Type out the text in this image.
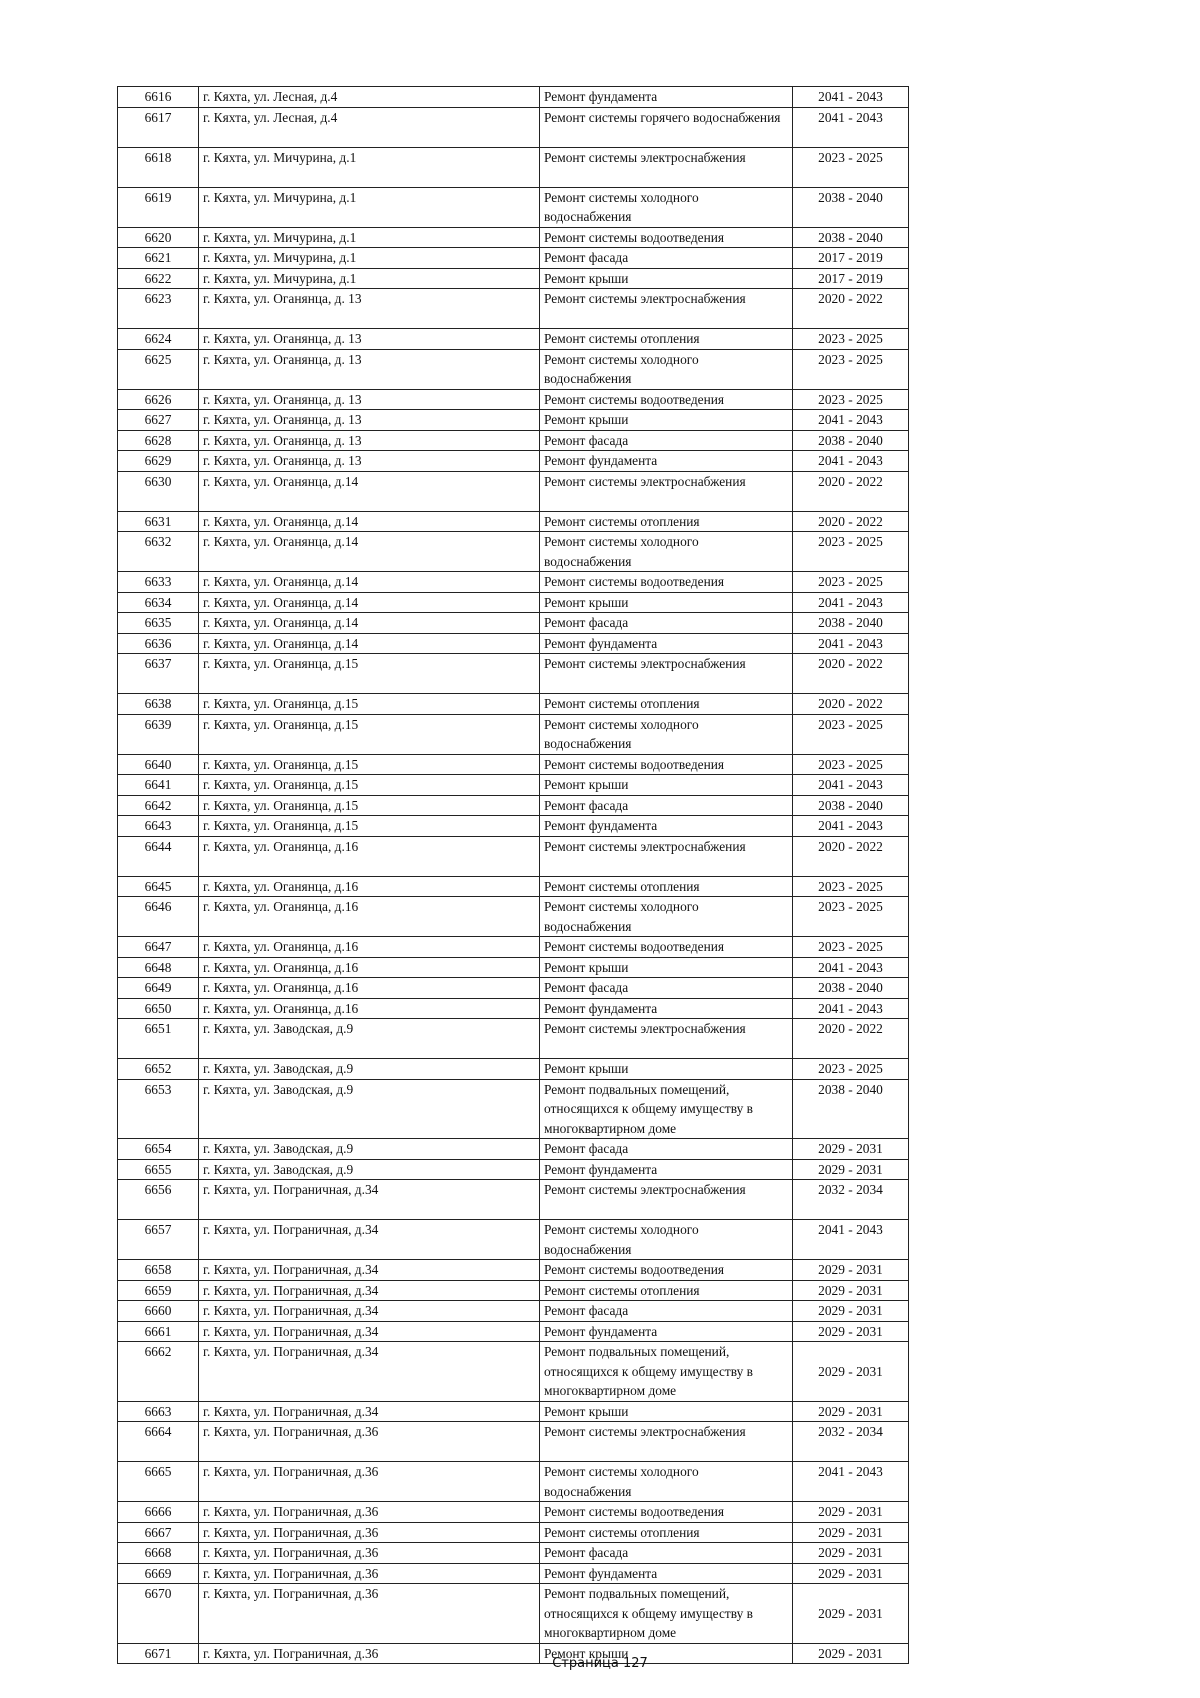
6616	г. Кяхта, ул. Лесная, д.4	Ремонт фундамента	2041 - 2043
6617	г. Кяхта, ул. Лесная, д.4	Ремонт системы горячего водоснабжения	2041 - 2043
6618	г. Кяхта, ул. Мичурина, д.1	Ремонт системы электроснабжения	2023 - 2025
6619	г. Кяхта, ул. Мичурина, д.1	Ремонт системы холодного водоснабжения	2038 - 2040
6620	г. Кяхта, ул. Мичурина, д.1	Ремонт системы водоотведения	2038 - 2040
6621	г. Кяхта, ул. Мичурина, д.1	Ремонт фасада	2017 - 2019
6622	г. Кяхта, ул. Мичурина, д.1	Ремонт крыши	2017 - 2019
6623	г. Кяхта, ул. Оганянца, д. 13	Ремонт системы электроснабжения	2020 - 2022
6624	г. Кяхта, ул. Оганянца, д. 13	Ремонт системы отопления	2023 - 2025
6625	г. Кяхта, ул. Оганянца, д. 13	Ремонт системы холодного водоснабжения	2023 - 2025
6626	г. Кяхта, ул. Оганянца, д. 13	Ремонт системы водоотведения	2023 - 2025
6627	г. Кяхта, ул. Оганянца, д. 13	Ремонт крыши	2041 - 2043
6628	г. Кяхта, ул. Оганянца, д. 13	Ремонт фасада	2038 - 2040
6629	г. Кяхта, ул. Оганянца, д. 13	Ремонт фундамента	2041 - 2043
6630	г. Кяхта, ул. Оганянца, д.14	Ремонт системы электроснабжения	2020 - 2022
6631	г. Кяхта, ул. Оганянца, д.14	Ремонт системы отопления	2020 - 2022
6632	г. Кяхта, ул. Оганянца, д.14	Ремонт системы холодного водоснабжения	2023 - 2025
6633	г. Кяхта, ул. Оганянца, д.14	Ремонт системы водоотведения	2023 - 2025
6634	г. Кяхта, ул. Оганянца, д.14	Ремонт крыши	2041 - 2043
6635	г. Кяхта, ул. Оганянца, д.14	Ремонт фасада	2038 - 2040
6636	г. Кяхта, ул. Оганянца, д.14	Ремонт фундамента	2041 - 2043
6637	г. Кяхта, ул. Оганянца, д.15	Ремонт системы электроснабжения	2020 - 2022
6638	г. Кяхта, ул. Оганянца, д.15	Ремонт системы отопления	2020 - 2022
6639	г. Кяхта, ул. Оганянца, д.15	Ремонт системы холодного водоснабжения	2023 - 2025
6640	г. Кяхта, ул. Оганянца, д.15	Ремонт системы водоотведения	2023 - 2025
6641	г. Кяхта, ул. Оганянца, д.15	Ремонт крыши	2041 - 2043
6642	г. Кяхта, ул. Оганянца, д.15	Ремонт фасада	2038 - 2040
6643	г. Кяхта, ул. Оганянца, д.15	Ремонт фундамента	2041 - 2043
6644	г. Кяхта, ул. Оганянца, д.16	Ремонт системы электроснабжения	2020 - 2022
6645	г. Кяхта, ул. Оганянца, д.16	Ремонт системы отопления	2023 - 2025
6646	г. Кяхта, ул. Оганянца, д.16	Ремонт системы холодного водоснабжения	2023 - 2025
6647	г. Кяхта, ул. Оганянца, д.16	Ремонт системы водоотведения	2023 - 2025
6648	г. Кяхта, ул. Оганянца, д.16	Ремонт крыши	2041 - 2043
6649	г. Кяхта, ул. Оганянца, д.16	Ремонт фасада	2038 - 2040
6650	г. Кяхта, ул. Оганянца, д.16	Ремонт фундамента	2041 - 2043
6651	г. Кяхта, ул. Заводская, д.9	Ремонт системы электроснабжения	2020 - 2022
6652	г. Кяхта, ул. Заводская, д.9	Ремонт крыши	2023 - 2025
6653	г. Кяхта, ул. Заводская, д.9	Ремонт подвальных помещений, относящихся к общему имуществу в многоквартирном доме	2038 - 2040
6654	г. Кяхта, ул. Заводская, д.9	Ремонт фасада	2029 - 2031
6655	г. Кяхта, ул. Заводская, д.9	Ремонт фундамента	2029 - 2031
6656	г. Кяхта, ул. Пограничная, д.34	Ремонт системы электроснабжения	2032 - 2034
6657	г. Кяхта, ул. Пограничная, д.34	Ремонт системы холодного водоснабжения	2041 - 2043
6658	г. Кяхта, ул. Пограничная, д.34	Ремонт системы водоотведения	2029 - 2031
6659	г. Кяхта, ул. Пограничная, д.34	Ремонт системы отопления	2029 - 2031
6660	г. Кяхта, ул. Пограничная, д.34	Ремонт фасада	2029 - 2031
6661	г. Кяхта, ул. Пограничная, д.34	Ремонт фундамента	2029 - 2031
6662	г. Кяхта, ул. Пограничная, д.34	Ремонт подвальных помещений, относящихся к общему имуществу в многоквартирном доме	2029 - 2031
6663	г. Кяхта, ул. Пограничная, д.34	Ремонт крыши	2029 - 2031
6664	г. Кяхта, ул. Пограничная, д.36	Ремонт системы электроснабжения	2032 - 2034
6665	г. Кяхта, ул. Пограничная, д.36	Ремонт системы холодного водоснабжения	2041 - 2043
6666	г. Кяхта, ул. Пограничная, д.36	Ремонт системы водоотведения	2029 - 2031
6667	г. Кяхта, ул. Пограничная, д.36	Ремонт системы отопления	2029 - 2031
6668	г. Кяхта, ул. Пограничная, д.36	Ремонт фасада	2029 - 2031
6669	г. Кяхта, ул. Пограничная, д.36	Ремонт фундамента	2029 - 2031
6670	г. Кяхта, ул. Пограничная, д.36	Ремонт подвальных помещений, относящихся к общему имуществу в многоквартирном доме	2029 - 2031
6671	г. Кяхта, ул. Пограничная, д.36	Ремонт крыши	2029 - 2031
Страница 127
